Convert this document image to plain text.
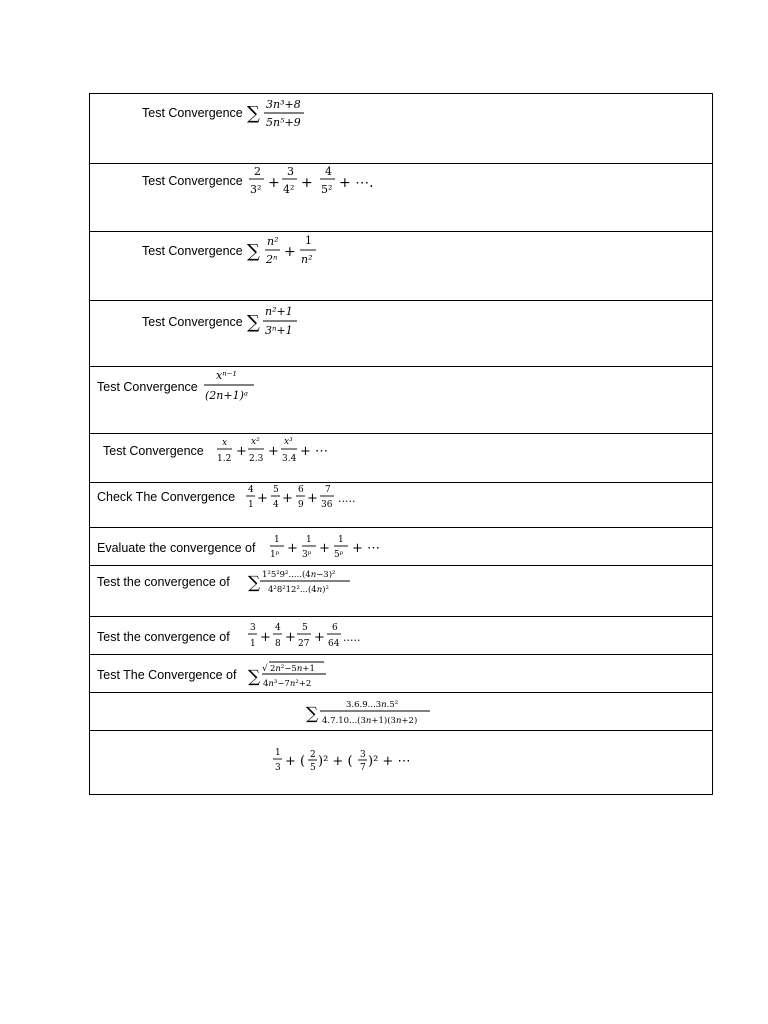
Test Convergence ∑ 3n³+8
5n⁵+9
Test Convergence
2
3² +
3
4² +
4
5² + ⋯.
Test Convergence ∑ n²
2ⁿ +
1
n²
Test Convergence ∑
n²+1
3ⁿ+1
Test Convergence
xⁿ⁻¹
(2n+1)ᵃ
Test Convergence
x
1.2 +
x²
2.3 +
x³
3.4 + ⋯
Check The Convergence 4
1 +
5
4 +
6
9 +
7
36 .....
Evaluate the convergence of
1
1ᵖ +
1
3ᵖ +
1
5ᵖ + ⋯
Test the convergence of ∑ 1²5²9².....(4n−3)²
4²8²12²...(4n)²
Test the convergence of
3
1 +
4
8 +
5
27 +
6
64 .....
Test The Convergence of ∑ √ 2n²−5n+1
4n³−7n²+2
∑	3.6.9...3n.5²
4.7.10...(3n+1)(3n+2)
1
3 + ( 2
5 )² + ( 3
7 )² + ⋯
